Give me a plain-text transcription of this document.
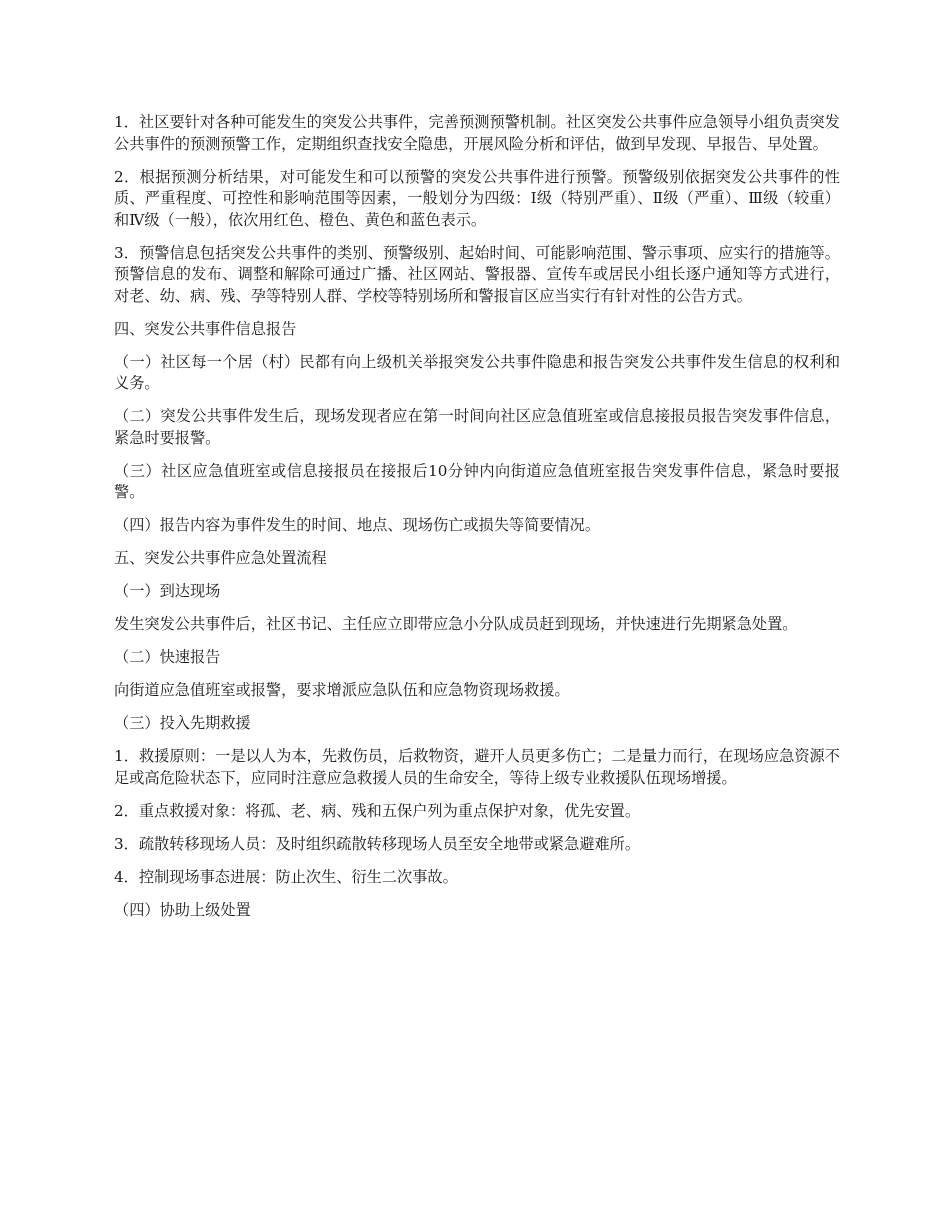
1．社区要针对各种可能发生的突发公共事件，完善预测预警机制。社区突发公共事件应急领导小组负责突发公共事件的预测预警工作，定期组织查找安全隐患，开展风险分析和评估，做到早发现、早报告、早处置。

2．根据预测分析结果，对可能发生和可以预警的突发公共事件进行预警。预警级别依据突发公共事件的性质、严重程度、可控性和影响范围等因素，一般划分为四级：Ⅰ级（特别严重）、Ⅱ级（严重）、Ⅲ级（较重）和Ⅳ级（一般），依次用红色、橙色、黄色和蓝色表示。

3．预警信息包括突发公共事件的类别、预警级别、起始时间、可能影响范围、警示事项、应实行的措施等。预警信息的发布、调整和解除可通过广播、社区网站、警报器、宣传车或居民小组长逐户通知等方式进行，对老、幼、病、残、孕等特别人群、学校等特别场所和警报盲区应当实行有针对性的公告方式。

四、突发公共事件信息报告

（一）社区每一个居（村）民都有向上级机关举报突发公共事件隐患和报告突发公共事件发生信息的权利和义务。

（二）突发公共事件发生后，现场发现者应在第一时间向社区应急值班室或信息接报员报告突发事件信息，紧急时要报警。

（三）社区应急值班室或信息接报员在接报后10分钟内向街道应急值班室报告突发事件信息，紧急时要报警。

（四）报告内容为事件发生的时间、地点、现场伤亡或损失等简要情况。

五、突发公共事件应急处置流程

（一）到达现场

发生突发公共事件后，社区书记、主任应立即带应急小分队成员赶到现场，并快速进行先期紧急处置。

（二）快速报告

向街道应急值班室或报警，要求增派应急队伍和应急物资现场救援。

（三）投入先期救援

1．救援原则：一是以人为本，先救伤员，后救物资，避开人员更多伤亡；二是量力而行，在现场应急资源不足或高危险状态下，应同时注意应急救援人员的生命安全，等待上级专业救援队伍现场增援。

2．重点救援对象：将孤、老、病、残和五保户列为重点保护对象，优先安置。

3．疏散转移现场人员：及时组织疏散转移现场人员至安全地带或紧急避难所。

4．控制现场事态进展：防止次生、衍生二次事故。

（四）协助上级处置
